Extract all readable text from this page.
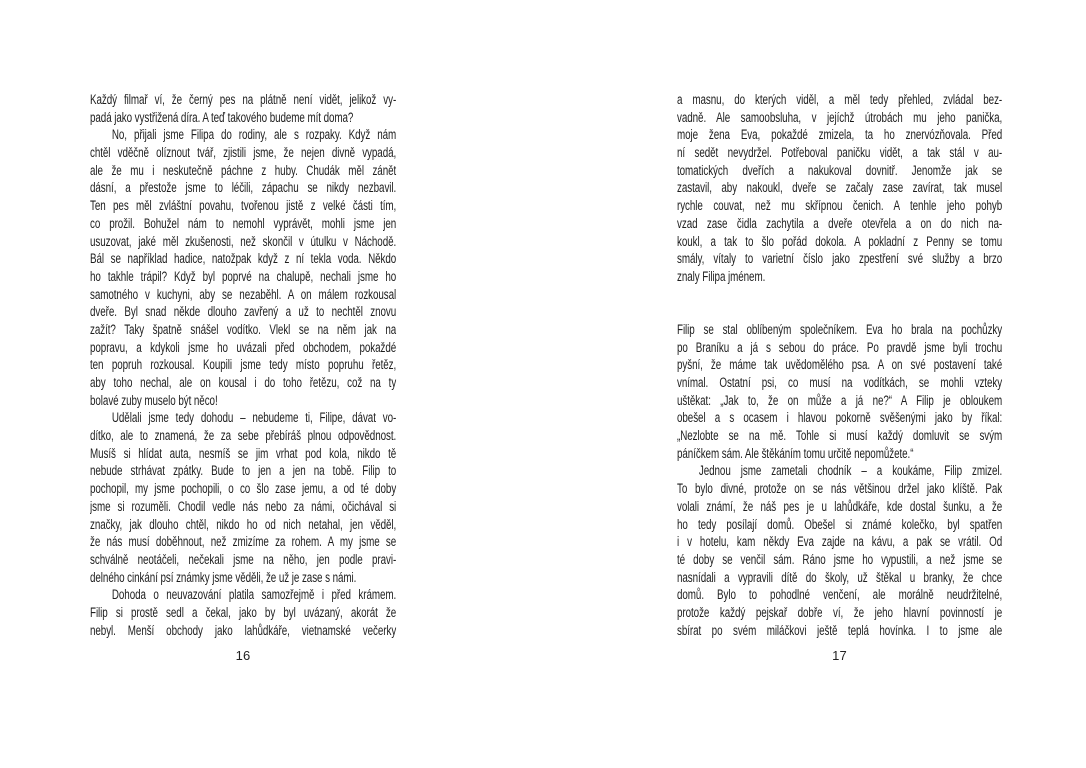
Každý filmař ví, že černý pes na plátně není vidět, jelikož vy-
padá jako vystřižená díra. A teď takového budeme mít doma?
No, přijali jsme Filipa do rodiny, ale s rozpaky. Když nám
chtěl vděčně olíznout tvář, zjistili jsme, že nejen divně vypadá,
ale že mu i neskutečně páchne z huby. Chudák měl zánět
dásní, a přestože jsme to léčili, zápachu se nikdy nezbavil.
Ten pes měl zvláštní povahu, tvořenou jistě z velké části tím,
co prožil. Bohužel nám to nemohl vyprávět, mohli jsme jen
usuzovat, jaké měl zkušenosti, než skončil v útulku v Náchodě.
Bál se například hadice, natožpak když z ní tekla voda. Někdo
ho takhle trápil? Když byl poprvé na chalupě, nechali jsme ho
samotného v kuchyni, aby se nezaběhl. A on málem rozkousal
dveře. Byl snad někde dlouho zavřený a už to nechtěl znovu
zažít? Taky špatně snášel vodítko. Vlekl se na něm jak na
popravu, a kdykoli jsme ho uvázali před obchodem, pokaždé
ten popruh rozkousal. Koupili jsme tedy místo popruhu řetěz,
aby toho nechal, ale on kousal i do toho řetězu, což na ty
bolavé zuby muselo být něco!
Udělali jsme tedy dohodu – nebudeme ti, Filipe, dávat vo-
dítko, ale to znamená, že za sebe přebíráš plnou odpovědnost.
Musíš si hlídat auta, nesmíš se jim vrhat pod kola, nikdo tě
nebude strhávat zpátky. Bude to jen a jen na tobě. Filip to
pochopil, my jsme pochopili, o co šlo zase jemu, a od té doby
jsme si rozuměli. Chodil vedle nás nebo za námi, očichával si
značky, jak dlouho chtěl, nikdo ho od nich netahal, jen věděl,
že nás musí doběhnout, než zmizíme za rohem. A my jsme se
schválně neotáčeli, nečekali jsme na něho, jen podle pravi-
delného cinkání psí známky jsme věděli, že už je zase s námi.
Dohoda o neuvazování platila samozřejmě i před krámem.
Filip si prostě sedl a čekal, jako by byl uvázaný, akorát že
nebyl. Menší obchody jako lahůdkáře, vietnamské večerky
16
a masnu, do kterých viděl, a měl tedy přehled, zvládal bez-
vadně. Ale samoobsluha, v jejíchž útrobách mu jeho panička,
moje žena Eva, pokaždé zmizela, ta ho znervózňovala. Před
ní sedět nevydržel. Potřeboval paničku vidět, a tak stál v au-
tomatických dveřích a nakukoval dovnitř. Jenomže jak se
zastavil, aby nakoukl, dveře se začaly zase zavírat, tak musel
rychle couvat, než mu skřípnou čenich. A tenhle jeho pohyb
vzad zase čidla zachytila a dveře otevřela a on do nich na-
koukl, a tak to šlo pořád dokola. A pokladní z Penny se tomu
smály, vítaly to varietní číslo jako zpestření své služby a brzo
znaly Filipa jménem.
Filip se stal oblíbeným společníkem. Eva ho brala na pochůzky
po Braníku a já s sebou do práce. Po pravdě jsme byli trochu
pyšní, že máme tak uvědomělého psa. A on své postavení také
vnímal. Ostatní psi, co musí na vodítkách, se mohli vzteky
uštěkat: „Jak to, že on může a já ne?“ A Filip je obloukem
obešel a s ocasem i hlavou pokorně svěšenými jako by říkal:
„Nezlobte se na mě. Tohle si musí každý domluvit se svým
páníčkem sám. Ale štěkáním tomu určitě nepomůžete.“
Jednou jsme zametali chodník – a koukáme, Filip zmizel.
To bylo divné, protože on se nás většinou držel jako klíště. Pak
volali známí, že náš pes je u lahůdkáře, kde dostal šunku, a že
ho tedy posílají domů. Obešel si známé kolečko, byl spatřen
i v hotelu, kam někdy Eva zajde na kávu, a pak se vrátil. Od
té doby se venčil sám. Ráno jsme ho vypustili, a než jsme se
nasnídali a vypravili dítě do školy, už štěkal u branky, že chce
domů. Bylo to pohodlné venčení, ale morálně neudržitelné,
protože každý pejskař dobře ví, že jeho hlavní povinností je
sbírat po svém miláčkovi ještě teplá hovínka. I to jsme ale
17
